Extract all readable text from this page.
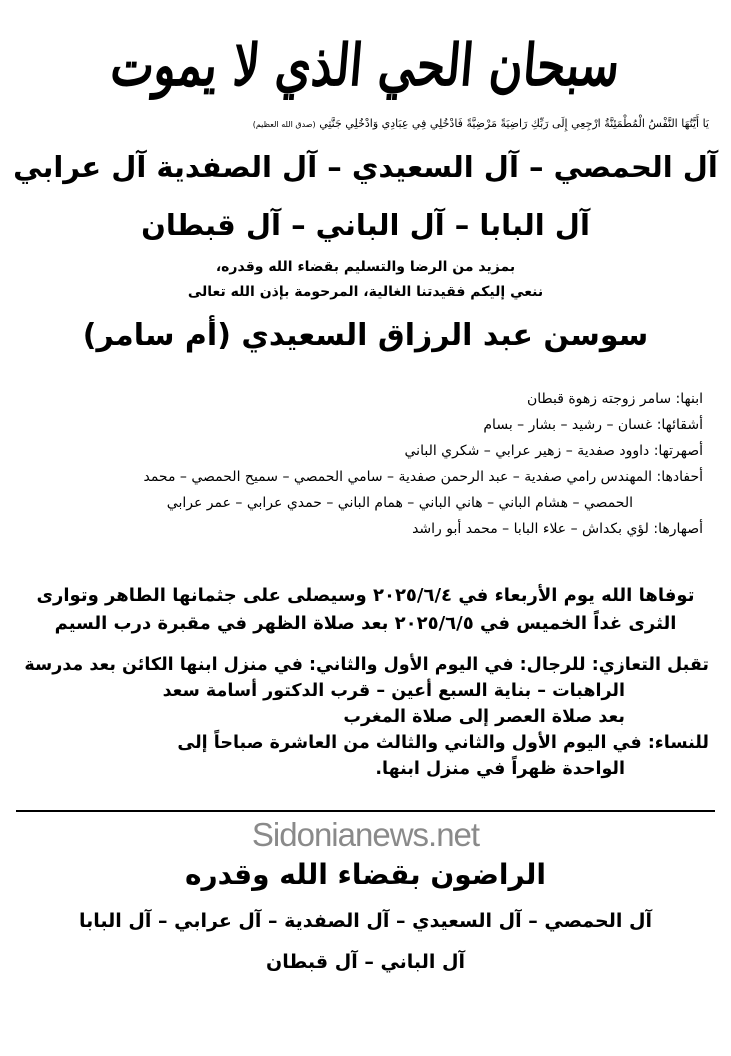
سبحان الحي الذي لا يموت
يَا أَيَّتُهَا النَّفْسُ الْمُطْمَئِنَّةُ ارْجِعِي إِلَى رَبِّكِ رَاضِيَةً مَرْضِيَّةً فَادْخُلِي فِي عِبَادِي وَادْخُلِي جَنَّتِي (صدق الله العظيم)
آل الحمصي – آل السعيدي – آل الصفدية آل عرابي
آل البابا – آل الباني – آل قبطان
بمزيد من الرضا والتسليم بقضاء الله وقدره،
ننعي إليكم فقيدتنا الغالية، المرحومة بإذن الله تعالى
سوسن عبد الرزاق السعيدي (أم سامر)
ابنها: سامر زوجته زهوة قبطان
أشقائها: غسان – رشيد – بشار – بسام
أصهرتها: داوود صفدية – زهير عرابي – شكري الباني
أحفادها: المهندس رامي صفدية – عبد الرحمن صفدية – سامي الحمصي – سميح الحمصي – محمد
الحمصي – هشام الباني – هاني الباني – همام الباني – حمدي عرابي – عمر عرابي
أصهارها: لؤي بكداش – علاء البابا – محمد أبو راشد
توفاها الله يوم الأربعاء في ٢٠٢٥/٦/٤ وسيصلى على جثمانها الطاهر وتوارى
الثرى غداً الخميس في ٢٠٢٥/٦/٥ بعد صلاة الظهر في مقبرة درب السيم
تقبل التعازي: للرجال: في اليوم الأول والثاني: في منزل ابنها الكائن بعد مدرسة
الراهبات – بناية السبع أعين – قرب الدكتور أسامة سعد
بعد صلاة العصر إلى صلاة المغرب
للنساء: في اليوم الأول والثاني والثالث من العاشرة صباحاً إلى
الواحدة ظهراً في منزل ابنها.
Sidonianews.net
الراضون بقضاء الله وقدره
آل الحمصي – آل السعيدي – آل الصفدية – آل عرابي – آل البابا
آل الباني – آل قبطان
